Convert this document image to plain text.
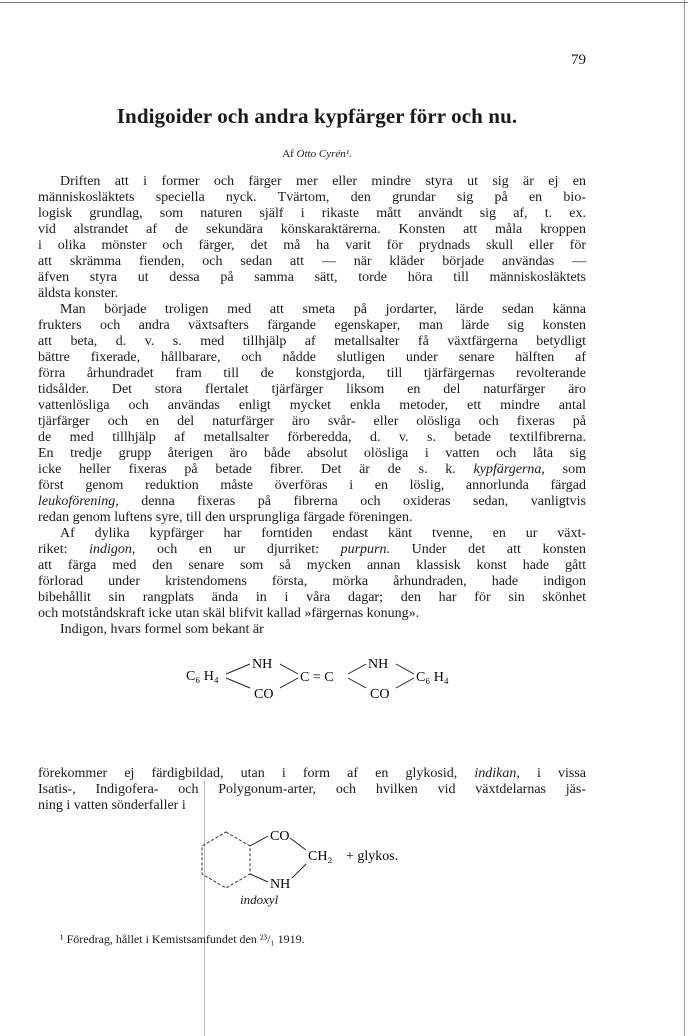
79
Indigoider och andra kypfärger förr och nu.
Af Otto Cyrén¹.
Driften att i former och färger mer eller mindre styra ut sig är ej en
människosläktets speciella nyck. Tvärtom, den grundar sig på en bio-
logisk grundlag, som naturen själf i rikaste mått användt sig af, t. ex.
vid alstrandet af de sekundära könskaraktärerna. Konsten att måla kroppen
i olika mönster och färger, det må ha varit för prydnads skull eller för
att skrämma fienden, och sedan att — när kläder började användas —
äfven styra ut dessa på samma sätt, torde höra till människosläktets
äldsta konster.
Man började troligen med att smeta på jordarter, lärde sedan känna
frukters och andra växtsafters färgande egenskaper, man lärde sig konsten
att beta, d. v. s. med tillhjälp af metallsalter få växtfärgerna betydligt
bättre fixerade, hållbarare, och nådde slutligen under senare hälften af
förra århundradet fram till de konstgjorda, till tjärfärgernas revolterande
tidsålder. Det stora flertalet tjärfärger liksom en del naturfärger äro
vattenlösliga och användas enligt mycket enkla metoder, ett mindre antal
tjärfärger och en del naturfärger äro svår- eller olösliga och fixeras på
de med tillhjälp af metallsalter förberedda, d. v. s. betade textilfibrerna.
En tredje grupp återigen äro både absolut olösliga i vatten och låta sig
icke heller fixeras på betade fibrer. Det är de s. k. kypfärgerna, som
först genom reduktion måste överföras i en löslig, annorlunda färgad
leukoförening, denna fixeras på fibrerna och oxideras sedan, vanligtvis
redan genom luftens syre, till den ursprungliga färgade föreningen.
Af dylika kypfärger har forntiden endast känt tvenne, en ur växt-
riket: indigon, och en ur djurriket: purpurn. Under det att konsten
att färga med den senare som så mycken annan klassisk konst hade gått
förlorad under kristendomens första, mörka århundraden, hade indigon
bibehållit sin rangplats ända in i våra dagar; den har för sin skönhet
och motståndskraft icke utan skäl blifvit kallad »färgernas konung».
Indigon, hvars formel som bekant är
C₆ H₄
NH
CO
C = C
NH
CO
C₆ H₄
förekommer ej färdigbildad, utan i form af en glykosid, indikan, i vissa
Isatis-, Indigofera- och Polygonum-arter, och hvilken vid växtdelarnas jäs-
ning i vatten sönderfaller i
CO
CH₂
NH
+ glykos.
indoxyl
¹ Föredrag, hållet i Kemistsamfundet den ²³/₁ 1919.
